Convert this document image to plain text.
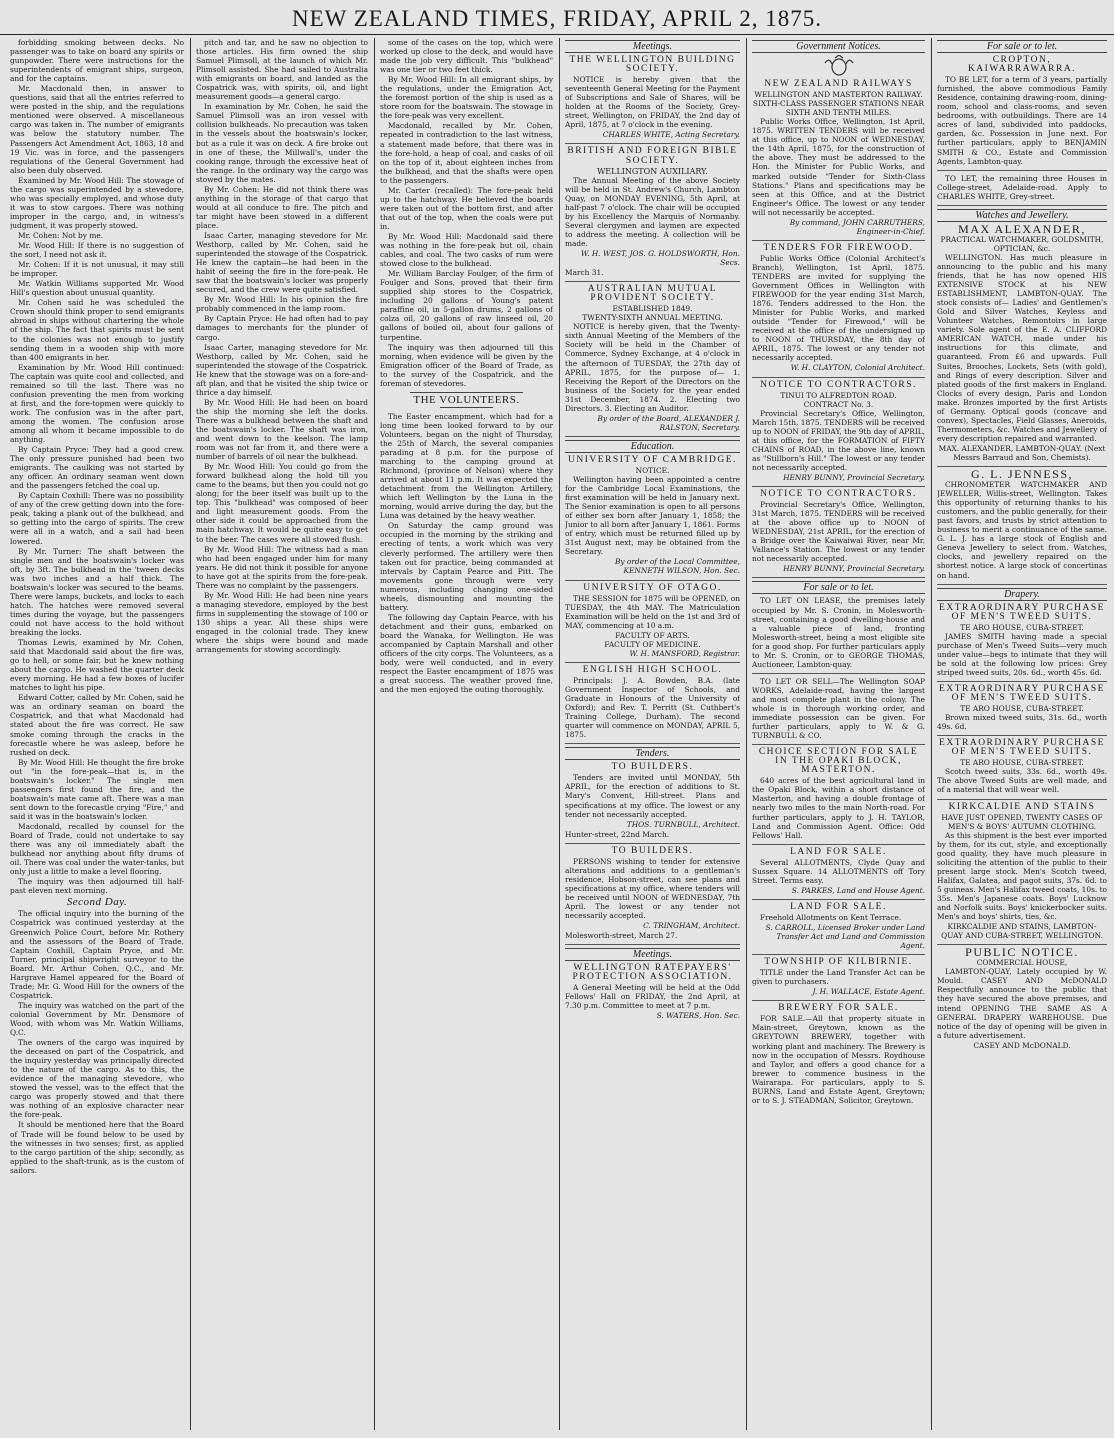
NEW ZEALAND TIMES, FRIDAY, APRIL 2, 1875.

forbidding smoking between decks. No passenger was to take on board any spirits or gunpowder. There were instructions for the superintendents of emigrant ships, surgeon, and for the captains.

Mr. Macdonald then, in answer to questions, said that all the entries referred to were posted in the ship, and the regulations mentioned were observed. A miscellaneous cargo was taken in. The number of emigrants was below the statutory number. The Passengers Act Amendment Act, 1863, 18 and 19 Vic. was in force, and the passengers regulations of the General Government had also been duly observed.

Examined by Mr. Wood Hill: The stowage of the cargo was superintended by a stevedore, who was specially employed, and whose duty it was to stow cargoes. There was nothing improper in the cargo, and, in witness's judgment, it was properly stowed.

Mr. Cohen: Not by me.

Mr. Wood Hill: If there is no suggestion of the sort, I need not ask it.

Mr. Cohen: If it is not unusual, it may still be improper.

Mr. Watkin Williams supported Mr. Wood Hill's question about unusual quantity.

Mr. Cohen said he was scheduled the Crown should think proper to send emigrants abroad in ships without chartering the whole of the ship. The fact that spirits must be sent to the colonies was not enough to justify sending them in a wooden ship with more than 400 emigrants in her.

Examination by Mr. Wood Hill continued: The captain was quite cool and collected, and remained so till the last. There was no confusion preventing the men from working at first, and the fore-topmen were quickly to work. The confusion was in the after part, among the women. The confusion arose among all whom it became impossible to do anything.

By Captain Pryce: They had a good crew. The only pressure punished had been two emigrants. The caulking was not started by any officer. An ordinary seaman went down and the passengers fetched the coal up.

By Captain Coxhill: There was no possibility of any of the crew getting down into the fore-peak, taking a plank out of the bulkhead, and so getting into the cargo of spirits. The crew were all in a watch, and a sail had been lowered.

By Mr. Turner: The shaft between the single men and the boatswain's locker was oft, by 3ft. The bulkhead in the 'tween decks was two inches and a half thick. The boatswain's locker was secured to the beams. There were lamps, buckets, and locks to each hatch. The hatches were removed several times during the voyage, but the passengers could not have access to the hold without breaking the locks.

Thomas Lewis, examined by Mr. Cohen, said that Macdonald said about the fire was, go to hell, or some fair, but he knew nothing about the cargo. He washed the quarter deck every morning. He had a few boxes of lucifer matches to light his pipe.

Edward Cotter, called by Mr. Cohen, said he was an ordinary seaman on board the Cospatrick, and that what Macdonald had stated about the fire was correct. He saw smoke coming through the cracks in the forecastle where he was asleep, before he rushed on deck.

By Mr. Wood Hill: He thought the fire broke out "in the fore-peak—that is, in the boatswain's locker." The single men passengers first found the fire, and the boatswain's mate came aft. There was a man sent down to the forecastle crying "Fire," and said it was in the boatswain's locker.

Macdonald, recalled by counsel for the Board of Trade, could not undertake to say there was any oil immediately abaft the bulkhead nor anything about fifty drums of oil. There was coal under the water-tanks, but only just a little to make a level flooring.

The inquiry was then adjourned till half-past eleven next morning.

Second Day.

The official inquiry into the burning of the Cospatrick was continued yesterday at the Greenwich Police Court, before Mr. Rothery and the assessors of the Board of Trade, Captain Coxhill, Captain Pryce, and Mr. Turner, principal shipwright surveyor to the Board. Mr. Arthur Cohen, Q.C., and Mr. Hargrave Hamel appeared for the Board of Trade; Mr. G. Wood Hill for the owners of the Cospatrick.

The inquiry was watched on the part of the colonial Government by Mr. Densmore of Wood, with whom was Mr. Watkin Williams, Q.C.

The owners of the cargo was inquired by the deceased on part of the Cospatrick, and the inquiry yesterday was principally directed to the nature of the cargo. As to this, the evidence of the managing stevedore, who stowed the vessel, was to the effect that the cargo was properly stowed and that there was nothing of an explosive character near the fore-peak.

It should be mentioned here that the Board of Trade will be found below to be used by the witnesses in two senses; first, as applied to the cargo partition of the ship; secondly, as applied to the shaft-trunk, as is the custom of sailors.

pitch and tar, and he saw no objection to those articles. His firm owned the ship Samuel Plimsoll, at the launch of which Mr. Plimsoll assisted. She had sailed to Australia with emigrants on board, and landed as the Cospatrick was, with spirits, oil, and light measurement goods—a general cargo.

In examination by Mr. Cohen, he said the Samuel Plimsoll was an iron vessel with collision bulkheads. No precaution was taken in the vessels about the boatswain's locker, but as a rule it was on deck. A fire broke out in one of these, the Millwall's, under the cooking range, through the excessive heat of the range. In the ordinary way the cargo was stowed by the mates.

By Mr. Cohen: He did not think there was anything in the storage of that cargo that would at all conduce to fire. The pitch and tar might have been stowed in a different place.

Isaac Carter, managing stevedore for Mr. Westhorp, called by Mr. Cohen, said he superintended the stowage of the Cospatrick. He knew the captain—he had been in the habit of seeing the fire in the fore-peak. He saw that the boatswain's locker was properly secured, and the crew were quite satisfied.

By Mr. Wood Hill: In his opinion the fire probably commenced in the lamp room.

By Captain Pryce: He had often had to pay damages to merchants for the plunder of cargo.

Isaac Carter, managing stevedore for Mr. Westhorp, called by Mr. Cohen, said he superintended the stowage of the Cospatrick. He knew that the stowage was on a fore-and-aft plan, and that he visited the ship twice or thrice a day himself.

By Mr. Wood Hill: He had been on board the ship the morning she left the docks. There was a bulkhead between the shaft and the boatswain's locker. The shaft was iron, and went down to the keelson. The lamp room was not far from it, and there were a number of barrels of oil near the bulkhead.

By Mr. Wood Hill: You could go from the forward bulkhead along the hold till you came to the beams, but then you could not go along; for the beer itself was built up to the top. This "bulkhead" was composed of beer and light measurement goods. From the other side it could be approached from the main hatchway. It would be quite easy to get to the beer. The cases were all stowed flush.

By Mr. Wood Hill: The witness had a man who had been engaged under him for many years. He did not think it possible for anyone to have got at the spirits from the fore-peak. There was no complaint by the passengers.

By Mr. Wood Hill: He had been nine years a managing stevedore, employed by the best firms in supplementing the stowage of 100 or 130 ships a year. All these ships were engaged in the colonial trade. They knew where the ships were bound and made arrangements for stowing accordingly.

some of the cases on the top, which were worked up close to the deck, and would have made the job very difficult. This "bulkhead" was one tier or two feet thick.

By Mr. Wood Hill: In all emigrant ships, by the regulations, under the Emigration Act, the foremost portion of the ship is used as a store room for the boatswain. The stowage in the fore-peak was very excellent.

Macdonald, recalled by Mr. Cohen, repeated in contradiction to the last witness, a statement made before, that there was in the fore-hold, a heap of coal, and casks of oil on the top of it, about eighteen inches from the bulkhead, and that the shafts were open to the passengers.

Mr. Carter (recalled): The fore-peak held up to the hatchway. He believed the boards were taken out of the bottom first, and after that out of the top, when the coals were put in.

By Mr. Wood Hill: Macdonald said there was nothing in the fore-peak but oil, chain cables, and coal. The two casks of rum were stowed close to the bulkhead.

Mr. William Barclay Foulger, of the firm of Foulger and Sons, proved that their firm supplied ship stores to the Cospatrick, including 20 gallons of Young's patent paraffine oil, in 5-gallon drums, 2 gallons of colza oil, 20 gallons of raw linseed oil, 20 gallons of boiled oil, about four gallons of turpentine.

The inquiry was then adjourned till this morning, when evidence will be given by the Emigration officer of the Board of Trade, as to the survey of the Cospatrick, and the foreman of stevedores.

THE VOLUNTEERS.

The Easter encampment, which had for a long time been looked forward to by our Volunteers, began on the night of Thursday, the 25th of March, the several companies parading at 8 p.m. for the purpose of marching to the camping ground at Richmond, (province of Nelson) where they arrived at about 11 p.m. It was expected the detachment from the Wellington Artillery, which left Wellington by the Luna in the morning, would arrive during the day, but the Luna was detained by the heavy weather.

On Saturday the camp ground was occupied in the morning by the striking and erecting of tents, a work which was very cleverly performed. The artillery were then taken out for practice, being commanded at intervals by Captain Pearce and Pitt. The movements gone through were very numerous, including changing one-sided wheels, dismounting and mounting the battery.

The following day Captain Pearce, with his detachment and their guns, embarked on board the Wanaka, for Wellington. He was accompanied by Captain Marshall and other officers of the city corps. The Volunteers, as a body, were well conducted, and in every respect the Easter encampment of 1875 was a great success. The weather proved fine, and the men enjoyed the outing thoroughly.

Meetings.
THE WELLINGTON BUILDING SOCIETY.

NOTICE is hereby given that the seventeenth General Meeting for the Payment of Subscriptions and Sale of Shares, will be holden at the Rooms of the Society, Grey-street, Wellington, on FRIDAY, the 2nd day of April, 1875, at 7 o'clock in the evening.

CHARLES WHITE, Acting Secretary.

BRITISH AND FOREIGN BIBLE SOCIETY.
WELLINGTON AUXILIARY.

The Annual Meeting of the above Society will be held in St. Andrew's Church, Lambton Quay, on MONDAY EVENING, 5th April, at half-past 7 o'clock. The chair will be occupied by his Excellency the Marquis of Normanby. Several clergymen and laymen are expected to address the meeting. A collection will be made.

W. H. WEST, JOS. G. HOLDSWORTH, Hon. Secs.

March 31.

AUSTRALIAN MUTUAL PROVIDENT SOCIETY.
ESTABLISHED 1849.
TWENTY-SIXTH ANNUAL MEETING.

NOTICE is hereby given, that the Twenty-sixth Annual Meeting of the Members of the Society will be held in the Chamber of Commerce, Sydney Exchange, at 4 o'clock in the afternoon of TUESDAY, the 27th day of APRIL, 1875, for the purpose of— 1. Receiving the Report of the Directors on the business of the Society for the year ended 31st December, 1874. 2. Electing two Directors. 3. Electing an Auditor.

By order of the Board, ALEXANDER J. RALSTON, Secretary.

Education.
UNIVERSITY OF CAMBRIDGE.
NOTICE.

Wellington having been appointed a centre for the Cambridge Local Examinations, the first examination will be held in January next. The Senior examination is open to all persons of either sex born after January 1, 1858; the Junior to all born after January 1, 1861. Forms of entry, which must be returned filled up by 31st August next, may be obtained from the Secretary.

By order of the Local Committee, KENNETH WILSON, Hon. Sec.

UNIVERSITY OF OTAGO.

THE SESSION for 1875 will be OPENED, on TUESDAY, the 4th MAY. The Matriculation Examination will be held on the 1st and 3rd of MAY, commencing at 10 a.m.

FACULTY OF ARTS.
FACULTY OF MEDICINE.

W. H. MANSFORD, Registrar.

ENGLISH HIGH SCHOOL.

Principals: J. A. Bowden, B.A. (late Government Inspector of Schools, and Graduate in Honours of the University of Oxford); and Rev. T. Perritt (St. Cuthbert's Training College, Durham). The second quarter will commence on MONDAY, APRIL 5, 1875.

Tenders.
TO BUILDERS.

Tenders are invited until MONDAY, 5th APRIL, for the erection of additions to St. Mary's Convent, Hill-street. Plans and specifications at my office. The lowest or any tender not necessarily accepted.

THOS. TURNBULL, Architect.

Hunter-street, 22nd March.

TO BUILDERS.

PERSONS wishing to tender for extensive alterations and additions to a gentleman's residence, Hobson-street, can see plans and specifications at my office, where tenders will be received until NOON of WEDNESDAY, 7th April. The lowest or any tender not necessarily accepted.

C. TRINGHAM, Architect.

Molesworth-street, March 27.

Meetings.
WELLINGTON RATEPAYERS' PROTECTION ASSOCIATION.

A General Meeting will be held at the Odd Fellows' Hall on FRIDAY, the 2nd April, at 7.30 p.m. Committee to meet at 7 p.m.

S. WATERS, Hon. Sec.

Government Notices.
NEW ZEALAND RAILWAYS
WELLINGTON AND MASTERTON RAILWAY.
SIXTH-CLASS PASSENGER STATIONS NEAR SIXTH AND TENTH MILES.

Public Works Office, Wellington, 1st April, 1875. WRITTEN TENDERS will be received at this office, up to NOON of WEDNESDAY, the 14th April, 1875, for the construction of the above. They must be addressed to the Hon. the Minister for Public Works, and marked outside "Tender for Sixth-Class Stations." Plans and specifications may be seen at this Office, and at the District Engineer's Office. The lowest or any tender will not necessarily be accepted.

By command, JOHN CARRUTHERS, Engineer-in-Chief.

TENDERS FOR FIREWOOD.

Public Works Office (Colonial Architect's Branch), Wellington, 1st April, 1875. TENDERS are invited for supplying the Government Offices in Wellington with FIREWOOD for the year ending 31st March, 1876. Tenders addressed to the Hon. the Minister for Public Works, and marked outside "Tender for Firewood," will be received at the office of the undersigned up to NOON of THURSDAY, the 8th day of APRIL, 1875. The lowest or any tender not necessarily accepted.

W. H. CLAYTON, Colonial Architect.

NOTICE TO CONTRACTORS.
TINUI TO ALFREDTON ROAD.
CONTRACT No. 3.

Provincial Secretary's Office, Wellington, March 15th, 1875. TENDERS will be received up to NOON of FRIDAY, the 9th day of APRIL, at this office, for the FORMATION of FIFTY CHAINS of ROAD, in the above line, known as "Stillborn's Hill." The lowest or any tender not necessarily accepted.

HENRY BUNNY, Provincial Secretary.

NOTICE TO CONTRACTORS.

Provincial Secretary's Office, Wellington, 31st March, 1875. TENDERS will be received at the above office up to NOON of WEDNESDAY, 21st APRIL, for the erection of a Bridge over the Kaiwaiwai River, near Mr. Vallance's Station. The lowest or any tender not necessarily accepted.

HENRY BUNNY, Provincial Secretary.

For sale or to let.

TO LET ON LEASE, the premises lately occupied by Mr. S. Cronin, in Molesworth-street, containing a good dwelling-house and a valuable piece of land, fronting Molesworth-street, being a most eligible site for a good shop. For further particulars apply to Mr. S. Cronin, or to GEORGE THOMAS, Auctioneer, Lambton-quay.

TO LET OR SELL—The Wellington SOAP WORKS, Adelaide-road, having the largest and most complete plant in the colony. The whole is in thorough working order, and immediate possession can be given. For further particulars, apply to W. & G. TURNBULL & CO.

CHOICE SECTION FOR SALE IN THE OPAKI BLOCK, MASTERTON.

640 acres of the best agricultural land in the Opaki Block, within a short distance of Masterton, and having a double frontage of nearly two miles to the main North-road. For further particulars, apply to J. H. TAYLOR, Land and Commission Agent. Office: Odd Fellows' Hall.

LAND FOR SALE.

Several ALLOTMENTS, Clyde Quay and Sussex Square. 14 ALLOTMENTS off Tory Street. Terms easy.

S. PARKES, Land and House Agent.

LAND FOR SALE.

Freehold Allotments on Kent Terrace.

S. CARROLL, Licensed Broker under Land Transfer Act and Land and Commission Agent.

TOWNSHIP OF KILBIRNIE.

TITLE under the Land Transfer Act can be given to purchasers.

J. H. WALLACE, Estate Agent.

BREWERY FOR SALE.

FOR SALE.—All that property situate in Main-street, Greytown, known as the GREYTOWN BREWERY, together with working plant and machinery. The Brewery is now in the occupation of Messrs. Roydhouse and Taylor, and offers a good chance for a brewer to commence business in the Wairarapa. For particulars, apply to S. BURNS, Land and Estate Agent, Greytown; or to S. J. STEADMAN, Solicitor, Greytown.

For sale or to let.
CROPTON, KAIWARRAWARRA.

TO BE LET, for a term of 3 years, partially furnished, the above commodious Family Residence, containing drawing-room, dining-room, school and class-rooms, and seven bedrooms, with outbuildings. There are 14 acres of land, subdivided into paddocks, garden, &c. Possession in June next. For further particulars, apply to BENJAMIN SMITH & CO., Estate and Commission Agents, Lambton-quay.

TO LET, the remaining three Houses in College-street, Adelaide-road. Apply to CHARLES WHITE, Grey-street.

Watches and Jewellery.
MAX ALEXANDER,
PRACTICAL WATCHMAKER, GOLDSMITH, OPTICIAN, &c.

WELLINGTON. Has much pleasure in announcing to the public and his many friends, that he has now opened HIS EXTENSIVE STOCK at his NEW ESTABLISHMENT, LAMBTON-QUAY. The stock consists of— Ladies' and Gentlemen's Gold and Silver Watches, Keyless and Volunteer Watches, Remontoirs in large variety. Sole agent of the E. A. CLIFFORD AMERICAN WATCH, made under his instructions for this climate, and guaranteed. From £6 and upwards. Full Suites, Brooches, Lockets, Sets (with gold), and Rings of every description. Silver and plated goods of the first makers in England. Clocks of every design, Paris and London make. Bronzes imported by the first Artists of Germany. Optical goods (concave and convex), Spectacles, Field Glasses, Aneroids, Thermometers, &c. Watches and Jewellery of every description repaired and warranted.

MAX. ALEXANDER, LAMBTON-QUAY. (Next Messrs Barraud and Son, Chemists).

G. L. JENNESS,

CHRONOMETER WATCHMAKER AND JEWELLER, Willis-street, Wellington. Takes this opportunity of returning thanks to his customers, and the public generally, for their past favors, and trusts by strict attention to business to merit a continuance of the same. G. L. J. has a large stock of English and Geneva Jewellery to select from. Watches, clocks, and jewellery repaired on the shortest notice. A large stock of concertinas on hand.

Drapery.
EXTRAORDINARY PURCHASE OF MEN'S TWEED SUITS.
TE ARO HOUSE, CUBA-STREET.

JAMES SMITH having made a special purchase of Men's Tweed Suits—very much under value—begs to intimate that they will be sold at the following low prices: Grey striped tweed suits, 20s. 6d., worth 45s. 6d.

EXTRAORDINARY PURCHASE OF MEN'S TWEED SUITS.
TE ARO HOUSE, CUBA-STREET.

Brown mixed tweed suits, 31s. 6d., worth 49s. 6d.

EXTRAORDINARY PURCHASE OF MEN'S TWEED SUITS.
TE ARO HOUSE, CUBA-STREET.

Scotch tweed suits, 33s. 6d., worth 49s. The above Tweed Suits are well made, and of a material that will wear well.

KIRKCALDIE AND STAINS
HAVE JUST OPENED, TWENTY CASES OF MEN'S & BOYS' AUTUMN CLOTHING.

As this shipment is the best ever imported by them, for its cut, style, and exceptionally good quality, they have much pleasure in soliciting the attention of the public to their present large stock. Men's Scotch tweed, Halifax, Galatea, and pagot suits, 37s. 6d. to 5 guineas. Men's Halifax tweed coats, 10s. to 35s. Men's Japanese coats. Boys' Lucknow and Norfolk suits. Boys' knickerbocker suits. Men's and boys' shirts, ties, &c.

KIRKCALDIE AND STAINS, LAMBTON-QUAY AND CUBA-STREET, WELLINGTON.

PUBLIC NOTICE.
COMMERCIAL HOUSE,

LAMBTON-QUAY, Lately occupied by W. Mould. CASEY AND McDONALD Respectfully announce to the public that they have secured the above premises, and intend OPENING THE SAME AS A GENERAL DRAPERY WAREHOUSE. Due notice of the day of opening will be given in a future advertisement.

CASEY AND McDONALD.
